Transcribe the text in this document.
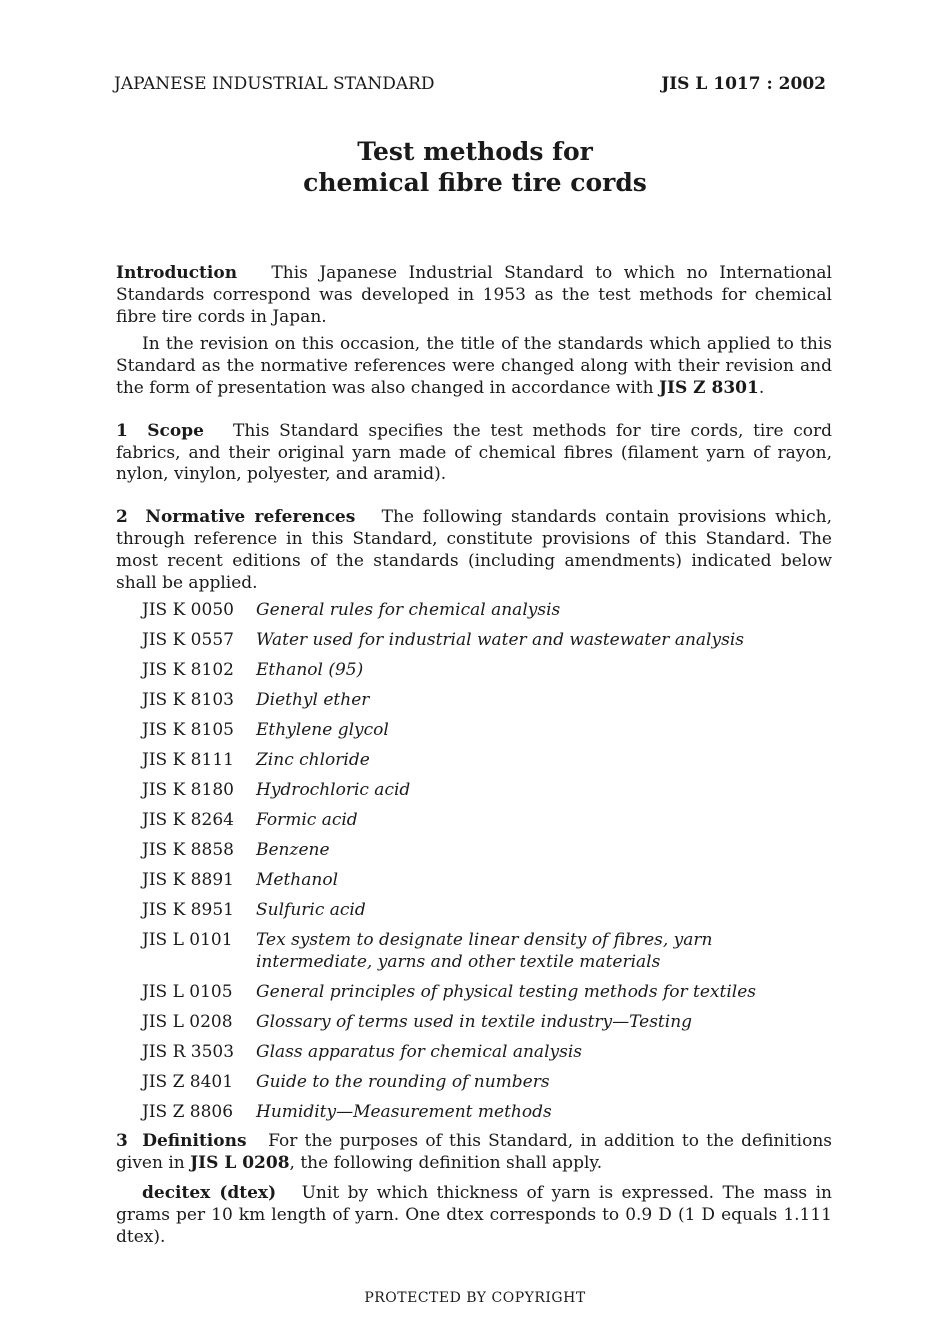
JAPANESE INDUSTRIAL STANDARD	JIS L 1017 : 2002
Test methods for
chemical fibre tire cords

Introduction This Japanese Industrial Standard to which no International Standards correspond was developed in 1953 as the test methods for chemical fibre tire cords in Japan.

In the revision on this occasion, the title of the standards which applied to this Standard as the normative references were changed along with their revision and the form of presentation was also changed in accordance with JIS Z 8301.

1 Scope This Standard specifies the test methods for tire cords, tire cord fabrics, and their original yarn made of chemical fibres (filament yarn of rayon, nylon, vinylon, polyester, and aramid).

2 Normative references The following standards contain provisions which, through reference in this Standard, constitute provisions of this Standard. The most recent editions of the standards (including amendments) indicated below shall be applied.

JIS K 0050	General rules for chemical analysis
JIS K 0557	Water used for industrial water and wastewater analysis
JIS K 8102	Ethanol (95)
JIS K 8103	Diethyl ether
JIS K 8105	Ethylene glycol
JIS K 8111	Zinc chloride
JIS K 8180	Hydrochloric acid
JIS K 8264	Formic acid
JIS K 8858	Benzene
JIS K 8891	Methanol
JIS K 8951	Sulfuric acid
JIS L 0101	Tex system to designate linear density of fibres, yarn intermediate, yarns and other textile materials
JIS L 0105	General principles of physical testing methods for textiles
JIS L 0208	Glossary of terms used in textile industry—Testing
JIS R 3503	Glass apparatus for chemical analysis
JIS Z 8401	Guide to the rounding of numbers
JIS Z 8806	Humidity—Measurement methods

3 Definitions For the purposes of this Standard, in addition to the definitions given in JIS L 0208, the following definition shall apply.

decitex (dtex) Unit by which thickness of yarn is expressed. The mass in grams per 10 km length of yarn. One dtex corresponds to 0.9 D (1 D equals 1.111 dtex).

PROTECTED BY COPYRIGHT
